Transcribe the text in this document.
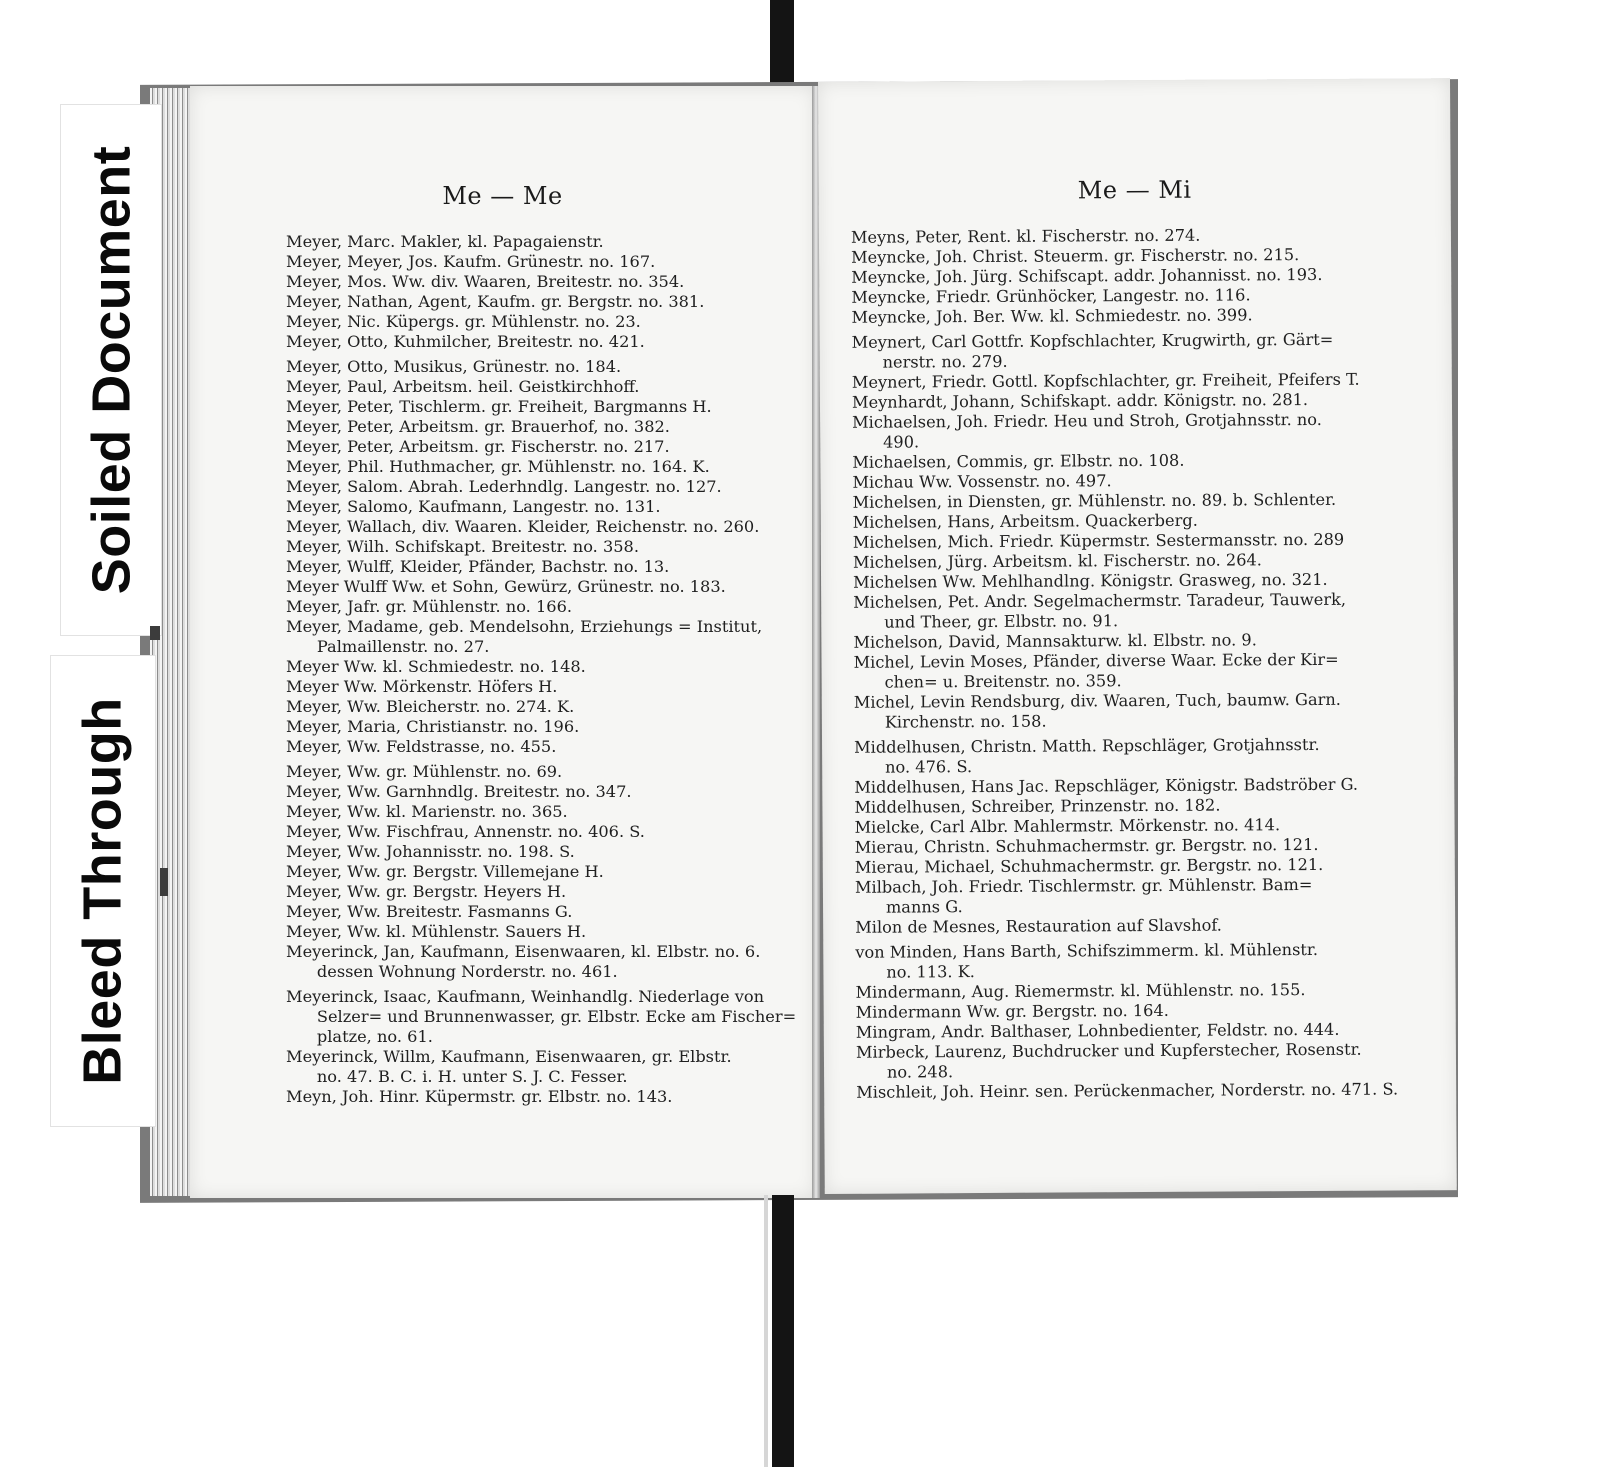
Me — Me
Meyer, Marc. Makler, kl. Papagaienstr.
Meyer, Meyer, Jos. Kaufm. Grünestr. no. 167.
Meyer, Mos. Ww. div. Waaren, Breitestr. no. 354.
Meyer, Nathan, Agent, Kaufm. gr. Bergstr. no. 381.
Meyer, Nic. Küpergs. gr. Mühlenstr. no. 23.
Meyer, Otto, Kuhmilcher, Breitestr. no. 421.
Meyer, Otto, Musikus, Grünestr. no. 184.
Meyer, Paul, Arbeitsm. heil. Geistkirchhoff.
Meyer, Peter, Tischlerm. gr. Freiheit, Bargmanns H.
Meyer, Peter, Arbeitsm. gr. Brauerhof, no. 382.
Meyer, Peter, Arbeitsm. gr. Fischerstr. no. 217.
Meyer, Phil. Huthmacher, gr. Mühlenstr. no. 164. K.
Meyer, Salom. Abrah. Lederhndlg. Langestr. no. 127.
Meyer, Salomo, Kaufmann, Langestr. no. 131.
Meyer, Wallach, div. Waaren. Kleider, Reichenstr. no. 260.
Meyer, Wilh. Schifskapt. Breitestr. no. 358.
Meyer, Wulff, Kleider, Pfänder, Bachstr. no. 13.
Meyer Wulff Ww. et Sohn, Gewürz, Grünestr. no. 183.
Meyer, Jafr. gr. Mühlenstr. no. 166.
Meyer, Madame, geb. Mendelsohn, Erziehungs = Institut,
Palmaillenstr. no. 27.
Meyer Ww. kl. Schmiedestr. no. 148.
Meyer Ww. Mörkenstr. Höfers H.
Meyer, Ww. Bleicherstr. no. 274. K.
Meyer, Maria, Christianstr. no. 196.
Meyer, Ww. Feldstrasse, no. 455.
Meyer, Ww. gr. Mühlenstr. no. 69.
Meyer, Ww. Garnhndlg. Breitestr. no. 347.
Meyer, Ww. kl. Marienstr. no. 365.
Meyer, Ww. Fischfrau, Annenstr. no. 406. S.
Meyer, Ww. Johannisstr. no. 198. S.
Meyer, Ww. gr. Bergstr. Villemejane H.
Meyer, Ww. gr. Bergstr. Heyers H.
Meyer, Ww. Breitestr. Fasmanns G.
Meyer, Ww. kl. Mühlenstr. Sauers H.
Meyerinck, Jan, Kaufmann, Eisenwaaren, kl. Elbstr. no. 6.
dessen Wohnung Norderstr. no. 461.
Meyerinck, Isaac, Kaufmann, Weinhandlg. Niederlage von
Selzer= und Brunnenwasser, gr. Elbstr. Ecke am Fischer=
platze, no. 61.
Meyerinck, Willm, Kaufmann, Eisenwaaren, gr. Elbstr.
no. 47. B. C. i. H. unter S. J. C. Fesser.
Meyn, Joh. Hinr. Küpermstr. gr. Elbstr. no. 143.
Me — Mi
Meyns, Peter, Rent. kl. Fischerstr. no. 274.
Meyncke, Joh. Christ. Steuerm. gr. Fischerstr. no. 215.
Meyncke, Joh. Jürg. Schifscapt. addr. Johannisst. no. 193.
Meyncke, Friedr. Grünhöcker, Langestr. no. 116.
Meyncke, Joh. Ber. Ww. kl. Schmiedestr. no. 399.
Meynert, Carl Gottfr. Kopfschlachter, Krugwirth, gr. Gärt=
nerstr. no. 279.
Meynert, Friedr. Gottl. Kopfschlachter, gr. Freiheit, Pfeifers T.
Meynhardt, Johann, Schifskapt. addr. Königstr. no. 281.
Michaelsen, Joh. Friedr. Heu und Stroh, Grotjahnsstr. no.
490.
Michaelsen, Commis, gr. Elbstr. no. 108.
Michau Ww. Vossenstr. no. 497.
Michelsen, in Diensten, gr. Mühlenstr. no. 89. b. Schlenter.
Michelsen, Hans, Arbeitsm. Quackerberg.
Michelsen, Mich. Friedr. Küpermstr. Sestermansstr. no. 289
Michelsen, Jürg. Arbeitsm. kl. Fischerstr. no. 264.
Michelsen Ww. Mehlhandlng. Königstr. Grasweg, no. 321.
Michelsen, Pet. Andr. Segelmachermstr. Taradeur, Tauwerk,
und Theer, gr. Elbstr. no. 91.
Michelson, David, Mannsakturw. kl. Elbstr. no. 9.
Michel, Levin Moses, Pfänder, diverse Waar. Ecke der Kir=
chen= u. Breitenstr. no. 359.
Michel, Levin Rendsburg, div. Waaren, Tuch, baumw. Garn.
Kirchenstr. no. 158.
Middelhusen, Christn. Matth. Repschläger, Grotjahnsstr.
no. 476. S.
Middelhusen, Hans Jac. Repschläger, Königstr. Badströber G.
Middelhusen, Schreiber, Prinzenstr. no. 182.
Mielcke, Carl Albr. Mahlermstr. Mörkenstr. no. 414.
Mierau, Christn. Schuhmachermstr. gr. Bergstr. no. 121.
Mierau, Michael, Schuhmachermstr. gr. Bergstr. no. 121.
Milbach, Joh. Friedr. Tischlermstr. gr. Mühlenstr. Bam=
manns G.
Milon de Mesnes, Restauration auf Slavshof.
von Minden, Hans Barth, Schifszimmerm. kl. Mühlenstr.
no. 113. K.
Mindermann, Aug. Riemermstr. kl. Mühlenstr. no. 155.
Mindermann Ww. gr. Bergstr. no. 164.
Mingram, Andr. Balthaser, Lohnbedienter, Feldstr. no. 444.
Mirbeck, Laurenz, Buchdrucker und Kupferstecher, Rosenstr.
no. 248.
Mischleit, Joh. Heinr. sen. Perückenmacher, Norderstr. no. 471. S.
Soiled Document
Bleed Through
